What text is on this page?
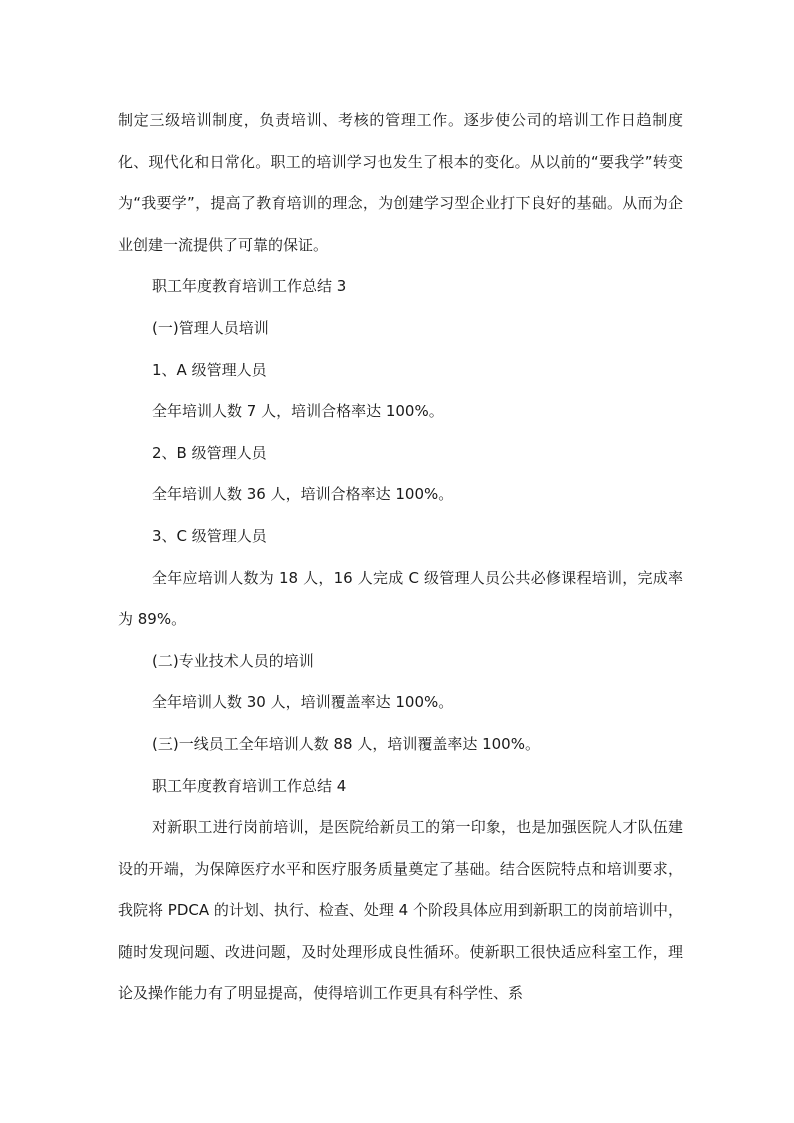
制定三级培训制度，负责培训、考核的管理工作。逐步使公司的培训工作日趋制度化、现代化和日常化。职工的培训学习也发生了根本的变化。从以前的“要我学”转变为“我要学”，提高了教育培训的理念，为创建学习型企业打下良好的基础。从而为企业创建一流提供了可靠的保证。

职工年度教育培训工作总结 3

(一)管理人员培训

1、A 级管理人员

全年培训人数 7 人，培训合格率达 100%。

2、B 级管理人员

全年培训人数 36 人，培训合格率达 100%。

3、C 级管理人员

全年应培训人数为 18 人，16 人完成 C 级管理人员公共必修课程培训，完成率为 89%。

(二)专业技术人员的培训

全年培训人数 30 人，培训覆盖率达 100%。

(三)一线员工全年培训人数 88 人，培训覆盖率达 100%。

职工年度教育培训工作总结 4

对新职工进行岗前培训，是医院给新员工的第一印象，也是加强医院人才队伍建设的开端，为保障医疗水平和医疗服务质量奠定了基础。结合医院特点和培训要求，我院将 PDCA 的计划、执行、检查、处理 4 个阶段具体应用到新职工的岗前培训中，随时发现问题、改进问题，及时处理形成良性循环。使新职工很快适应科室工作，理论及操作能力有了明显提高，使得培训工作更具有科学性、系
